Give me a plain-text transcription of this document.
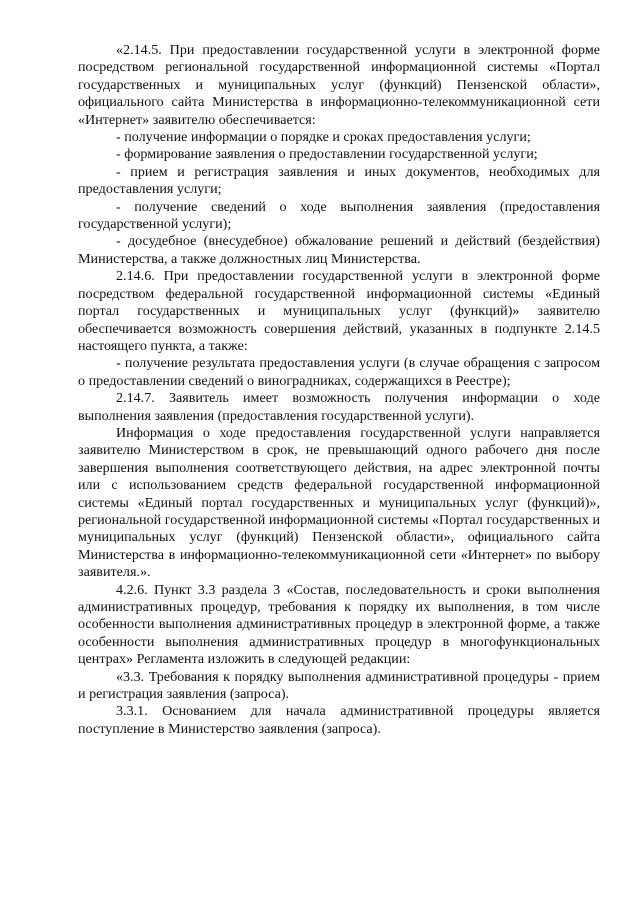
«2.14.5. При предоставлении государственной услуги в электронной форме посредством региональной государственной информационной системы «Портал государственных и муниципальных услуг (функций) Пензенской области», официального сайта Министерства в информационно-телекоммуникационной сети «Интернет» заявителю обеспечивается:

- получение информации о порядке и сроках предоставления услуги;

- формирование заявления о предоставлении государственной услуги;

- прием и регистрация заявления и иных документов, необходимых для предоставления услуги;

- получение сведений о ходе выполнения заявления (предоставления государственной услуги);

- досудебное (внесудебное) обжалование решений и действий (бездействия) Министерства, а также должностных лиц Министерства.

2.14.6. При предоставлении государственной услуги в электронной форме посредством федеральной государственной информационной системы «Единый портал государственных и муниципальных услуг (функций)» заявителю обеспечивается возможность совершения действий, указанных в подпункте 2.14.5 настоящего пункта, а также:

- получение результата предоставления услуги (в случае обращения с запросом о предоставлении сведений о виноградниках, содержащихся в Реестре);

2.14.7. Заявитель имеет возможность получения информации о ходе выполнения заявления (предоставления государственной услуги).

Информация о ходе предоставления государственной услуги направляется заявителю Министерством в срок, не превышающий одного рабочего дня после завершения выполнения соответствующего действия, на адрес электронной почты или с использованием средств федеральной государственной информационной системы «Единый портал государственных и муниципальных услуг (функций)», региональной государственной информационной системы «Портал государственных и муниципальных услуг (функций) Пензенской области», официального сайта Министерства в информационно-телекоммуникационной сети «Интернет» по выбору заявителя.».

4.2.6. Пункт 3.3 раздела 3 «Состав, последовательность и сроки выполнения административных процедур, требования к порядку их выполнения, в том числе особенности выполнения административных процедур в электронной форме, а также особенности выполнения административных процедур в многофункциональных центрах» Регламента изложить в следующей редакции:

«3.3. Требования к порядку выполнения административной процедуры - прием и регистрация заявления (запроса).

3.3.1. Основанием для начала административной процедуры является поступление в Министерство заявления (запроса).
